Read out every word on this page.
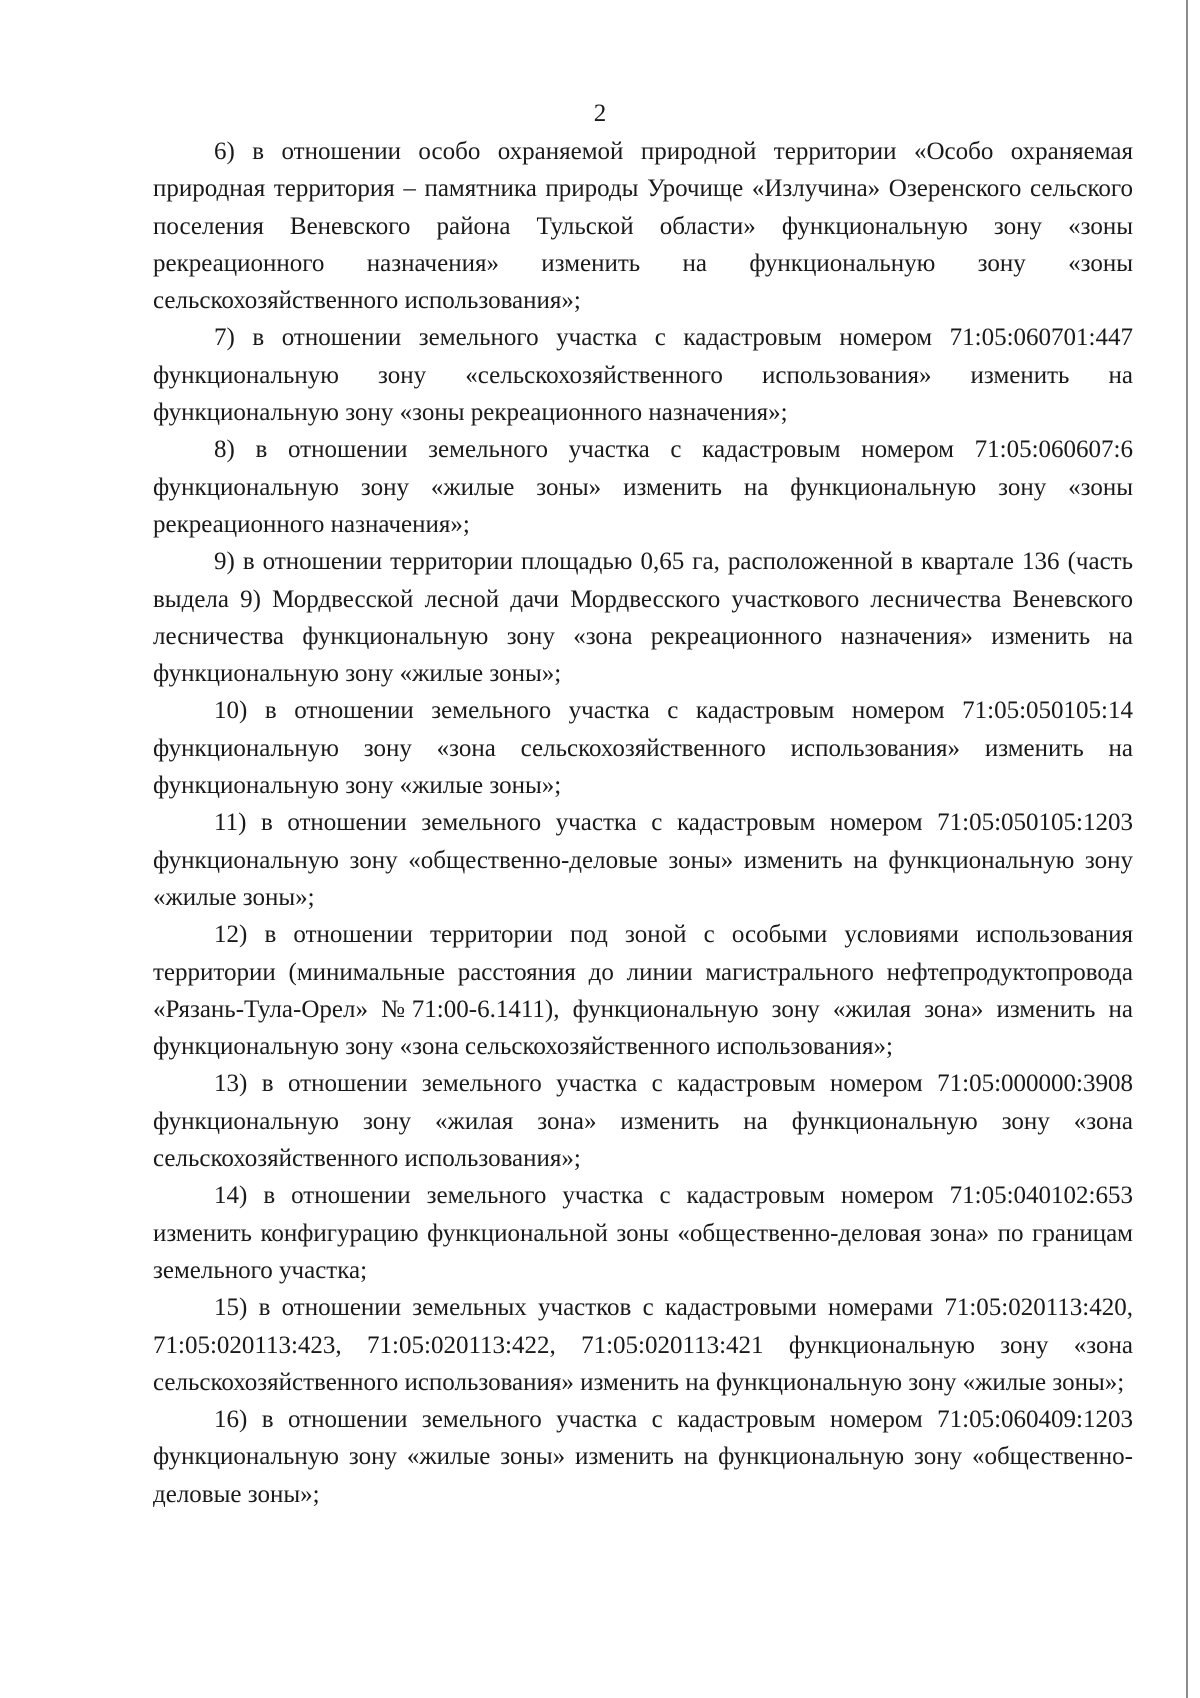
2

6) в отношении особо охраняемой природной территории «Особо охраняемая природная территория – памятника природы Урочище «Излучина» Озеренского сельского поселения Веневского района Тульской области» функциональную зону «зоны рекреационного назначения» изменить на функциональную зону «зоны сельскохозяйственного использования»;

7) в отношении земельного участка с кадастровым номером 71:05:060701:447 функциональную зону «сельскохозяйственного использования» изменить на функциональную зону «зоны рекреационного назначения»;

8) в отношении земельного участка с кадастровым номером 71:05:060607:6 функциональную зону «жилые зоны» изменить на функциональную зону «зоны рекреационного назначения»;

9) в отношении территории площадью 0,65 га, расположенной в квартале 136 (часть выдела 9) Мордвесской лесной дачи Мордвесского участкового лесничества Веневского лесничества функциональную зону «зона рекреационного назначения» изменить на функциональную зону «жилые зоны»;

10) в отношении земельного участка с кадастровым номером 71:05:050105:14 функциональную зону «зона сельскохозяйственного использования» изменить на функциональную зону «жилые зоны»;

11) в отношении земельного участка с кадастровым номером 71:05:050105:1203 функциональную зону «общественно-деловые зоны» изменить на функциональную зону «жилые зоны»;

12) в отношении территории под зоной с особыми условиями использования территории (минимальные расстояния до линии магистрального нефтепродуктопровода «Рязань-Тула-Орел» №71:00-6.1411), функциональную зону «жилая зона» изменить на функциональную зону «зона сельскохозяйственного использования»;

13) в отношении земельного участка с кадастровым номером 71:05:000000:3908 функциональную зону «жилая зона» изменить на функциональную зону «зона сельскохозяйственного использования»;

14) в отношении земельного участка с кадастровым номером 71:05:040102:653 изменить конфигурацию функциональной зоны «общественно-деловая зона» по границам земельного участка;

15) в отношении земельных участков с кадастровыми номерами 71:05:020113:420, 71:05:020113:423, 71:05:020113:422, 71:05:020113:421 функциональную зону «зона сельскохозяйственного использования» изменить на функциональную зону «жилые зоны»;

16) в отношении земельного участка с кадастровым номером 71:05:060409:1203 функциональную зону «жилые зоны» изменить на функциональную зону «общественно-деловые зоны»;
